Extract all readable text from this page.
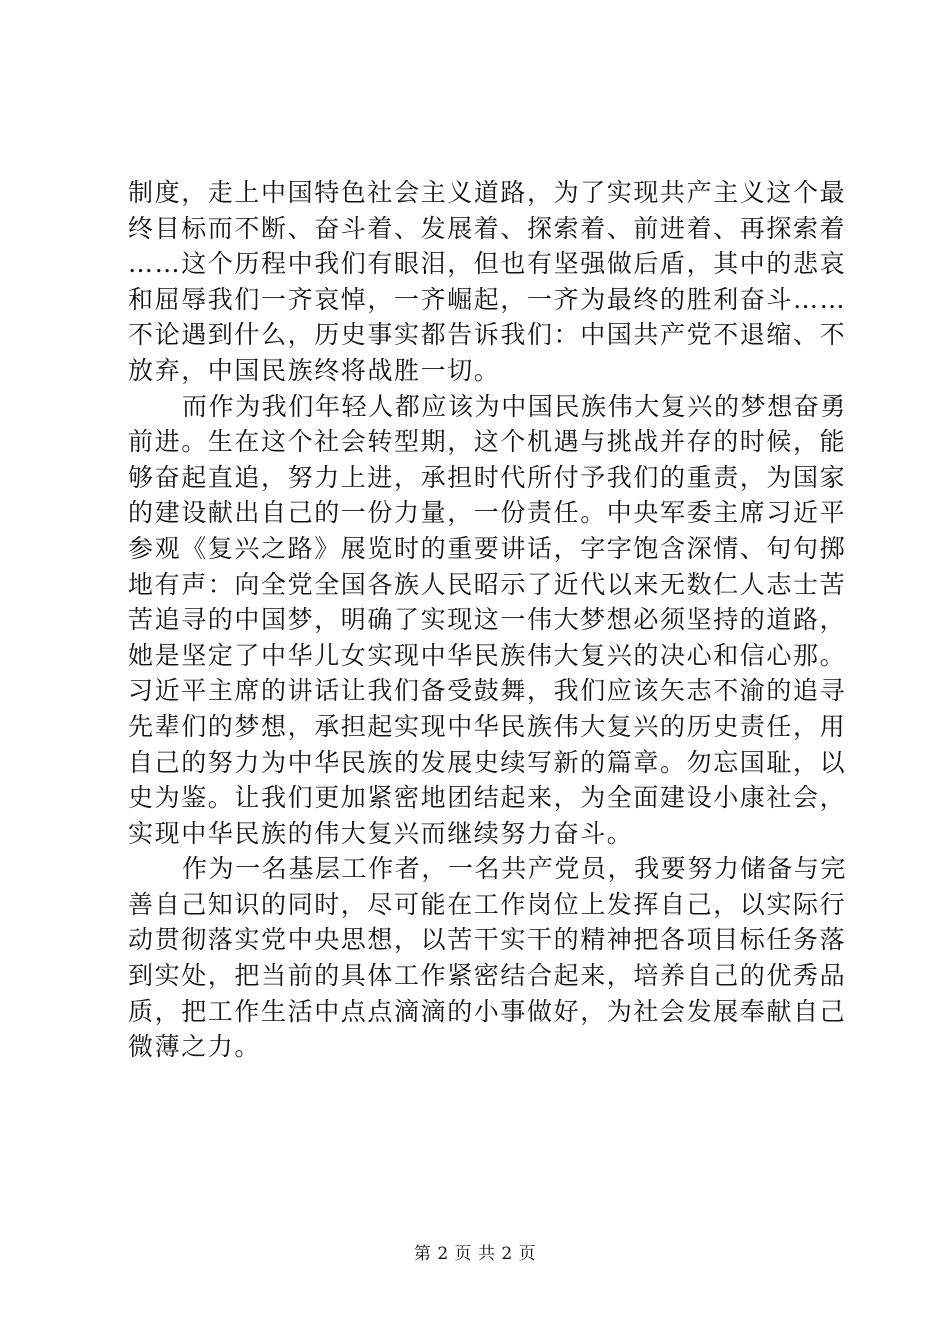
制度，走上中国特色社会主义道路，为了实现共产主义这个最
终目标而不断、奋斗着、发展着、探索着、前进着、再探索着
……这个历程中我们有眼泪，但也有坚强做后盾，其中的悲哀
和屈辱我们一齐哀悼，一齐崛起，一齐为最终的胜利奋斗……
不论遇到什么，历史事实都告诉我们：中国共产党不退缩、不
放弃，中国民族终将战胜一切。
而作为我们年轻人都应该为中国民族伟大复兴的梦想奋勇
前进。生在这个社会转型期，这个机遇与挑战并存的时候，能
够奋起直追，努力上进，承担时代所付予我们的重责，为国家
的建设献出自己的一份力量，一份责任。中央军委主席习近平
参观《复兴之路》展览时的重要讲话，字字饱含深情、句句掷
地有声：向全党全国各族人民昭示了近代以来无数仁人志士苦
苦追寻的中国梦，明确了实现这一伟大梦想必须坚持的道路，
她是坚定了中华儿女实现中华民族伟大复兴的决心和信心那。
习近平主席的讲话让我们备受鼓舞，我们应该矢志不渝的追寻
先辈们的梦想，承担起实现中华民族伟大复兴的历史责任，用
自己的努力为中华民族的发展史续写新的篇章。勿忘国耻，以
史为鉴。让我们更加紧密地团结起来，为全面建设小康社会，
实现中华民族的伟大复兴而继续努力奋斗。
作为一名基层工作者，一名共产党员，我要努力储备与完
善自己知识的同时，尽可能在工作岗位上发挥自己，以实际行
动贯彻落实党中央思想，以苦干实干的精神把各项目标任务落
到实处，把当前的具体工作紧密结合起来，培养自己的优秀品
质，把工作生活中点点滴滴的小事做好，为社会发展奉献自己
微薄之力。
第 2 页 共 2 页
